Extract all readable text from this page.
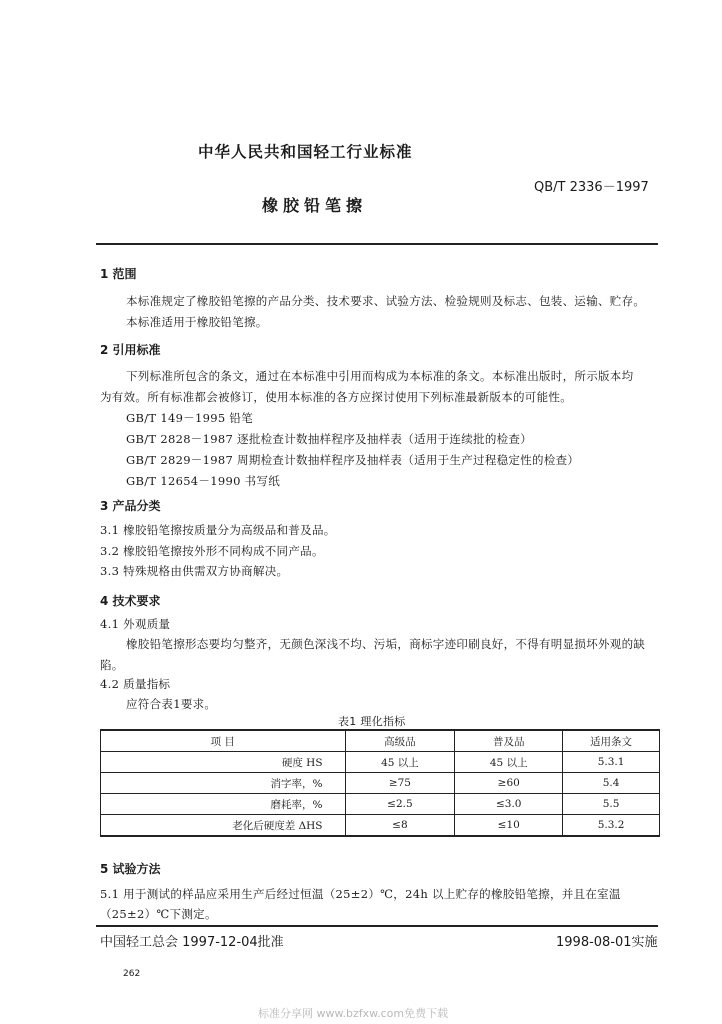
中华人民共和国轻工行业标准
QB/T 2336－1997
橡胶铅笔擦
1 范围
本标准规定了橡胶铅笔擦的产品分类、技术要求、试验方法、检验规则及标志、包装、运输、贮存。
本标准适用于橡胶铅笔擦。
2 引用标准
下列标准所包含的条文，通过在本标准中引用而构成为本标准的条文。本标准出版时，所示版本均
为有效。所有标准都会被修订，使用本标准的各方应探讨使用下列标准最新版本的可能性。
GB/T 149－1995 铅笔
GB/T 2828－1987 逐批检查计数抽样程序及抽样表（适用于连续批的检查）
GB/T 2829－1987 周期检查计数抽样程序及抽样表（适用于生产过程稳定性的检查）
GB/T 12654－1990 书写纸
3 产品分类
3.1 橡胶铅笔擦按质量分为高级品和普及品。
3.2 橡胶铅笔擦按外形不同构成不同产品。
3.3 特殊规格由供需双方协商解决。
4 技术要求
4.1 外观质量
橡胶铅笔擦形态要均匀整齐，无颜色深浅不均、污垢，商标字迹印刷良好，不得有明显损坏外观的缺
陷。
4.2 质量指标
应符合表1要求。
表1 理化指标
项 目	高级品	普及品	适用条文
硬度 HS	45 以上	45 以上	5.3.1
消字率，%	≥75	≥60	5.4
磨耗率，%	≤2.5	≤3.0	5.5
老化后硬度差 ΔHS	≤8	≤10	5.3.2
5 试验方法
5.1 用于测试的样品应采用生产后经过恒温（25±2）℃，24h 以上贮存的橡胶铅笔擦，并且在室温
（25±2）℃下测定。
中国轻工总会 1997-12-04批准	1998-08-01实施
262
标准分享网 www.bzfxw.com免费下载
